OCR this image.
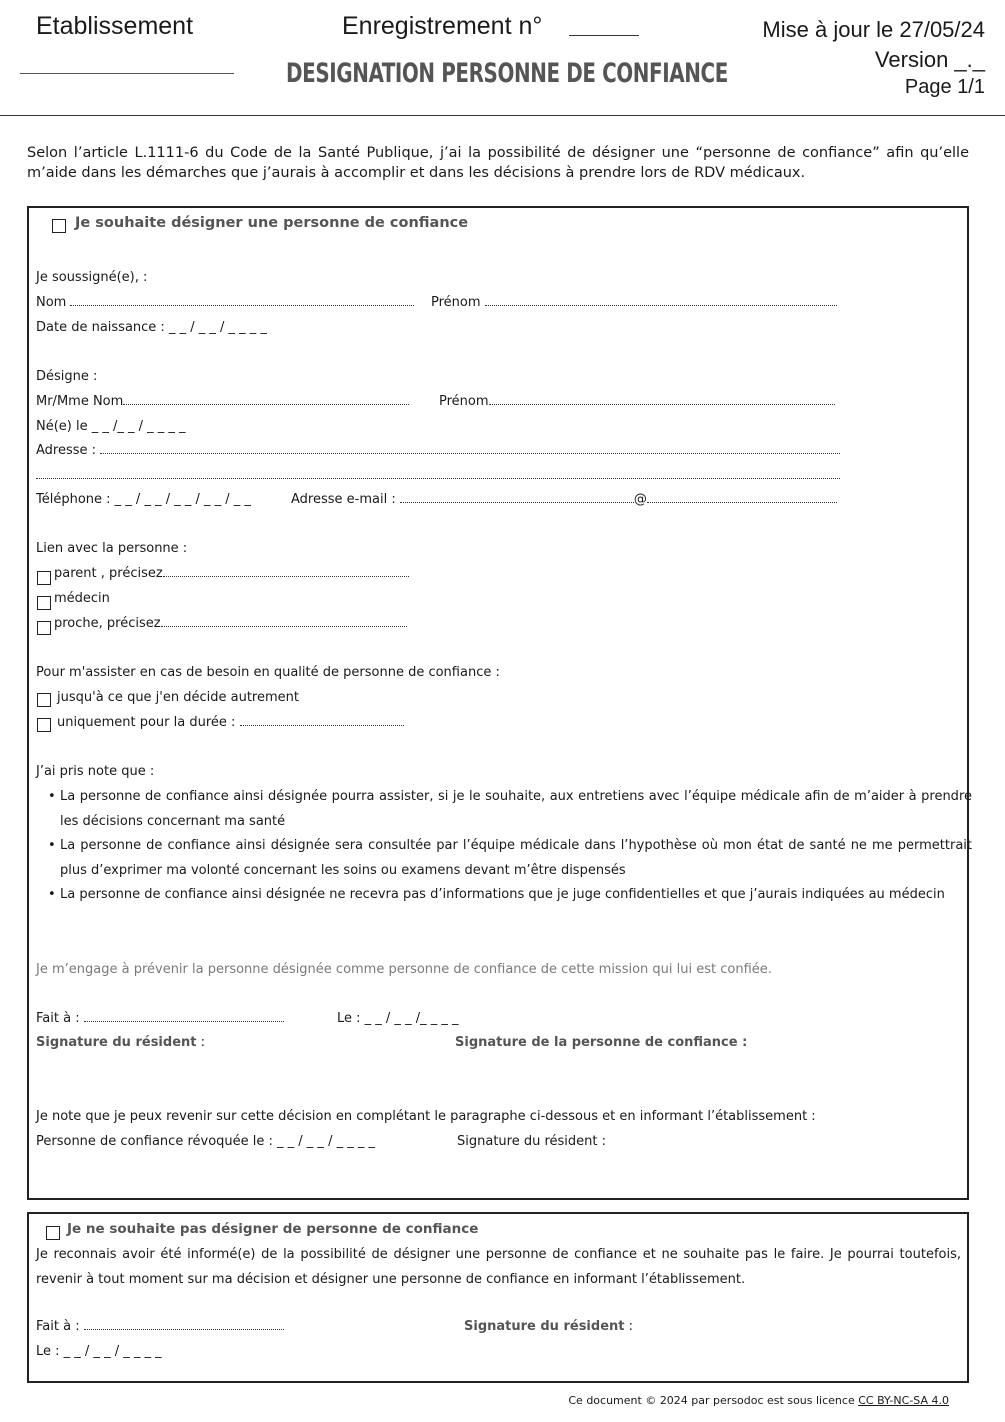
Etablissement	Enregistrement n°
DESIGNATION PERSONNE DE CONFIANCE
Mise à jour le 27/05/24
Version _._
Page 1/1
Selon l’article L.1111-6 du Code de la Santé Publique, j’ai la possibilité de désigner une “personne de confiance” afin qu’elle m’aide dans les démarches que j’aurais à accomplir et dans les décisions à prendre lors de RDV médicaux.
Je souhaite désigner une personne de confiance
Je soussigné(e), :
Nom	Prénom
Date de naissance : _ _ / _ _ / _ _ _ _
Désigne :
Mr/Mme Nom	Prénom
Né(e) le _ _ /_ _ / _ _ _ _
Adresse :
Téléphone : _ _ / _ _ / _ _ / _ _ / _ _	Adresse e-mail :	@
Lien avec la personne :
parent , précisez
médecin
proche, précisez
Pour m'assister en cas de besoin en qualité de personne de confiance :
jusqu'à ce que j'en décide autrement
uniquement pour la durée :
J’ai pris note que :
• La personne de confiance ainsi désignée pourra assister, si je le souhaite, aux entretiens avec l’équipe médicale afin de m’aider à prendre les décisions concernant ma santé
• La personne de confiance ainsi désignée sera consultée par l’équipe médicale dans l’hypothèse où mon état de santé ne me permettrait plus d’exprimer ma volonté concernant les soins ou examens devant m’être dispensés
• La personne de confiance ainsi désignée ne recevra pas d’informations que je juge confidentielles et que j’aurais indiquées au médecin
Je m’engage à prévenir la personne désignée comme personne de confiance de cette mission qui lui est confiée.
Fait à :	Le : _ _ / _ _ /_ _ _ _
Signature du résident :	Signature de la personne de confiance :
Je note que je peux revenir sur cette décision en complétant le paragraphe ci-dessous et en informant l’établissement :
Personne de confiance révoquée le : _ _ / _ _ / _ _ _ _	Signature du résident :
Je ne souhaite pas désigner de personne de confiance
Je reconnais avoir été informé(e) de la possibilité de désigner une personne de confiance et ne souhaite pas le faire. Je pourrai toutefois, revenir à tout moment sur ma décision et désigner une personne de confiance en informant l’établissement.
Fait à :	Signature du résident :
Le : _ _ / _ _ / _ _ _ _
Ce document © 2024 par persodoc est sous licence CC BY-NC-SA 4.0
